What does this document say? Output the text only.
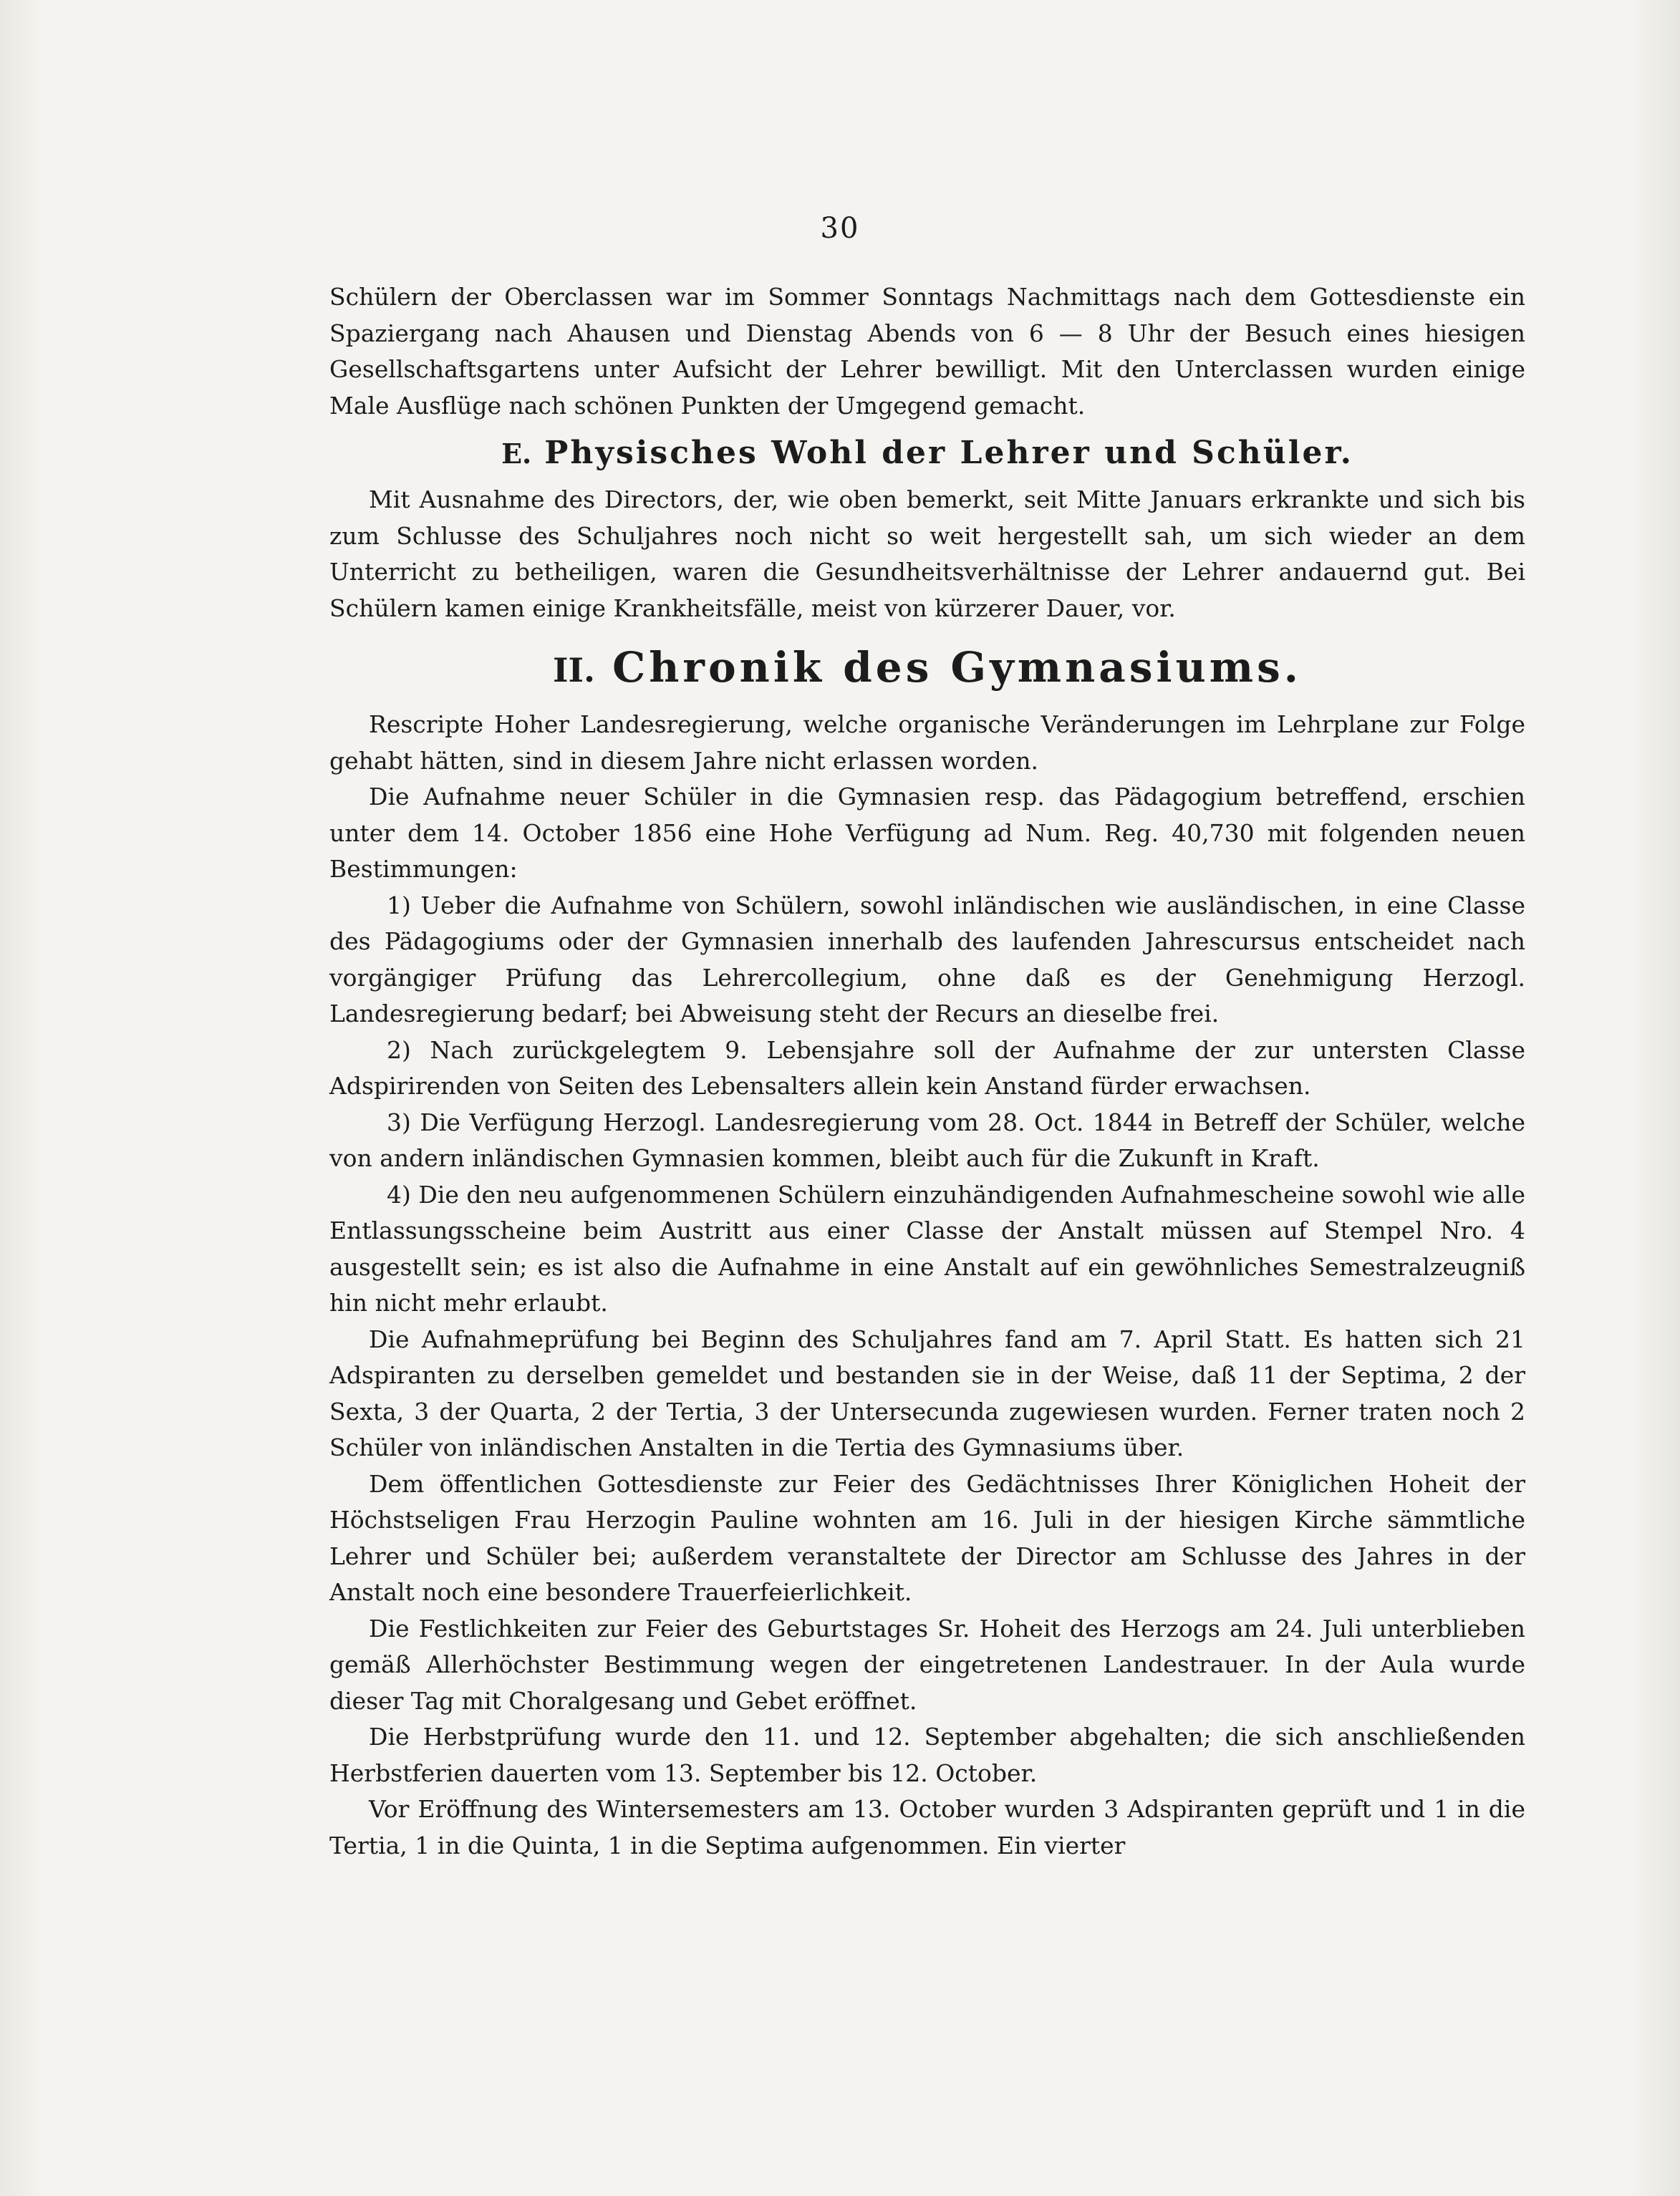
30

Schülern der Oberclassen war im Sommer Sonntags Nachmittags nach dem Gottesdienste ein Spaziergang nach Ahausen und Dienstag Abends von 6 — 8 Uhr der Besuch eines hiesigen Gesellschaftsgartens unter Aufsicht der Lehrer bewilligt. Mit den Unterclassen wurden einige Male Ausflüge nach schönen Punkten der Umgegend gemacht.

E. Physisches Wohl der Lehrer und Schüler.

Mit Ausnahme des Directors, der, wie oben bemerkt, seit Mitte Januars erkrankte und sich bis zum Schlusse des Schuljahres noch nicht so weit hergestellt sah, um sich wieder an dem Unterricht zu betheiligen, waren die Gesundheitsverhältnisse der Lehrer andauernd gut. Bei Schülern kamen einige Krankheitsfälle, meist von kürzerer Dauer, vor.

II. Chronik des Gymnasiums.

Rescripte Hoher Landesregierung, welche organische Veränderungen im Lehrplane zur Folge gehabt hätten, sind in diesem Jahre nicht erlassen worden.

Die Aufnahme neuer Schüler in die Gymnasien resp. das Pädagogium betreffend, erschien unter dem 14. October 1856 eine Hohe Verfügung ad Num. Reg. 40,730 mit folgenden neuen Bestimmungen:

1) Ueber die Aufnahme von Schülern, sowohl inländischen wie ausländischen, in eine Classe des Pädagogiums oder der Gymnasien innerhalb des laufenden Jahrescursus entscheidet nach vorgängiger Prüfung das Lehrercollegium, ohne daß es der Genehmigung Herzogl. Landesregierung bedarf; bei Abweisung steht der Recurs an dieselbe frei.

2) Nach zurückgelegtem 9. Lebensjahre soll der Aufnahme der zur untersten Classe Adspirirenden von Seiten des Lebensalters allein kein Anstand fürder erwachsen.

3) Die Verfügung Herzogl. Landesregierung vom 28. Oct. 1844 in Betreff der Schüler, welche von andern inländischen Gymnasien kommen, bleibt auch für die Zukunft in Kraft.

4) Die den neu aufgenommenen Schülern einzuhändigenden Aufnahmescheine sowohl wie alle Entlassungsscheine beim Austritt aus einer Classe der Anstalt müssen auf Stempel Nro. 4 ausgestellt sein; es ist also die Aufnahme in eine Anstalt auf ein gewöhnliches Semestralzeugniß hin nicht mehr erlaubt.

Die Aufnahmeprüfung bei Beginn des Schuljahres fand am 7. April Statt. Es hatten sich 21 Adspiranten zu derselben gemeldet und bestanden sie in der Weise, daß 11 der Septima, 2 der Sexta, 3 der Quarta, 2 der Tertia, 3 der Untersecunda zugewiesen wurden. Ferner traten noch 2 Schüler von inländischen Anstalten in die Tertia des Gymnasiums über.

Dem öffentlichen Gottesdienste zur Feier des Gedächtnisses Ihrer Königlichen Hoheit der Höchstseligen Frau Herzogin Pauline wohnten am 16. Juli in der hiesigen Kirche sämmtliche Lehrer und Schüler bei; außerdem veranstaltete der Director am Schlusse des Jahres in der Anstalt noch eine besondere Trauerfeierlichkeit.

Die Festlichkeiten zur Feier des Geburtstages Sr. Hoheit des Herzogs am 24. Juli unterblieben gemäß Allerhöchster Bestimmung wegen der eingetretenen Landestrauer. In der Aula wurde dieser Tag mit Choralgesang und Gebet eröffnet.

Die Herbstprüfung wurde den 11. und 12. September abgehalten; die sich anschließenden Herbstferien dauerten vom 13. September bis 12. October.

Vor Eröffnung des Wintersemesters am 13. October wurden 3 Adspiranten geprüft und 1 in die Tertia, 1 in die Quinta, 1 in die Septima aufgenommen. Ein vierter
